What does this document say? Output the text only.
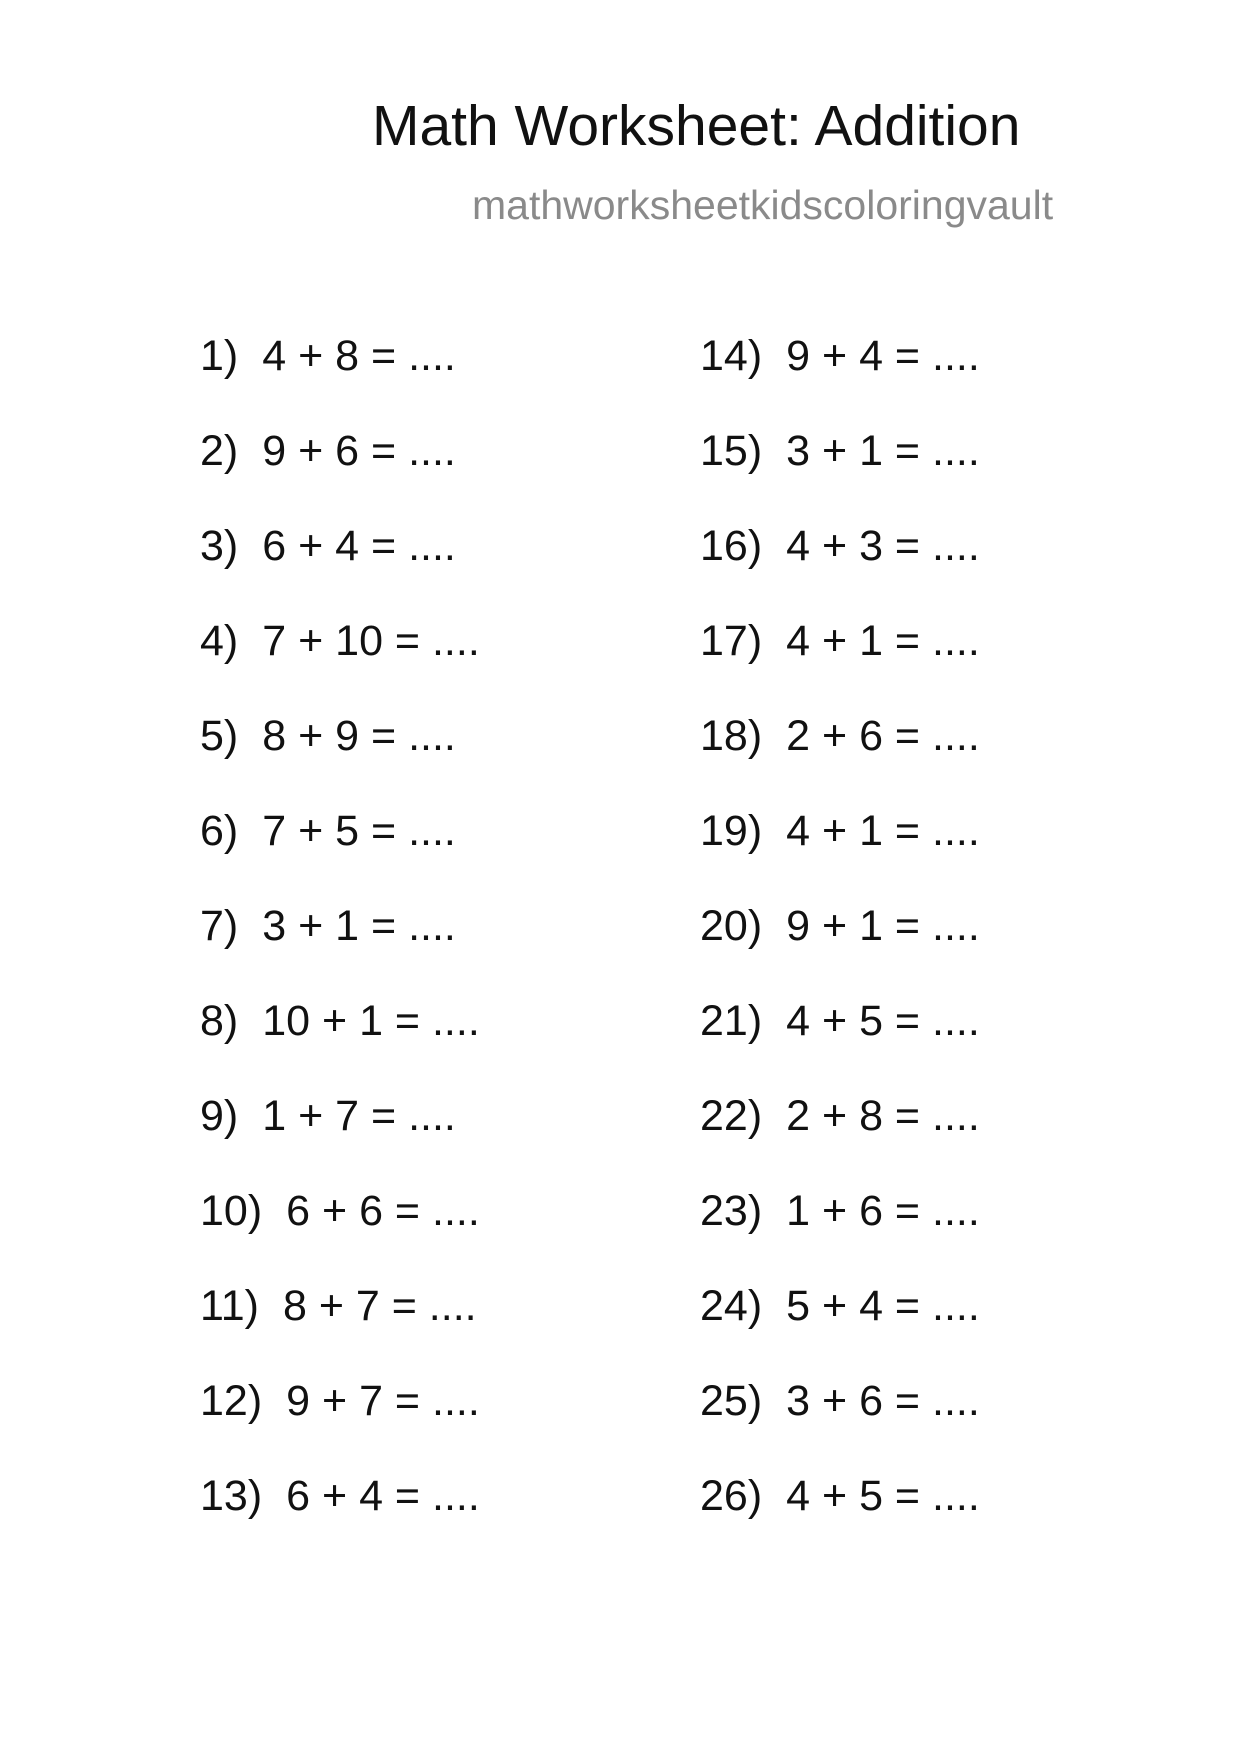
Math Worksheet: Addition
mathworksheetkidscoloringvault
1) 4 + 8 = ....
2) 9 + 6 = ....
3) 6 + 4 = ....
4) 7 + 10 = ....
5) 8 + 9 = ....
6) 7 + 5 = ....
7) 3 + 1 = ....
8) 10 + 1 = ....
9) 1 + 7 = ....
10) 6 + 6 = ....
11) 8 + 7 = ....
12) 9 + 7 = ....
13) 6 + 4 = ....
14) 9 + 4 = ....
15) 3 + 1 = ....
16) 4 + 3 = ....
17) 4 + 1 = ....
18) 2 + 6 = ....
19) 4 + 1 = ....
20) 9 + 1 = ....
21) 4 + 5 = ....
22) 2 + 8 = ....
23) 1 + 6 = ....
24) 5 + 4 = ....
25) 3 + 6 = ....
26) 4 + 5 = ....
